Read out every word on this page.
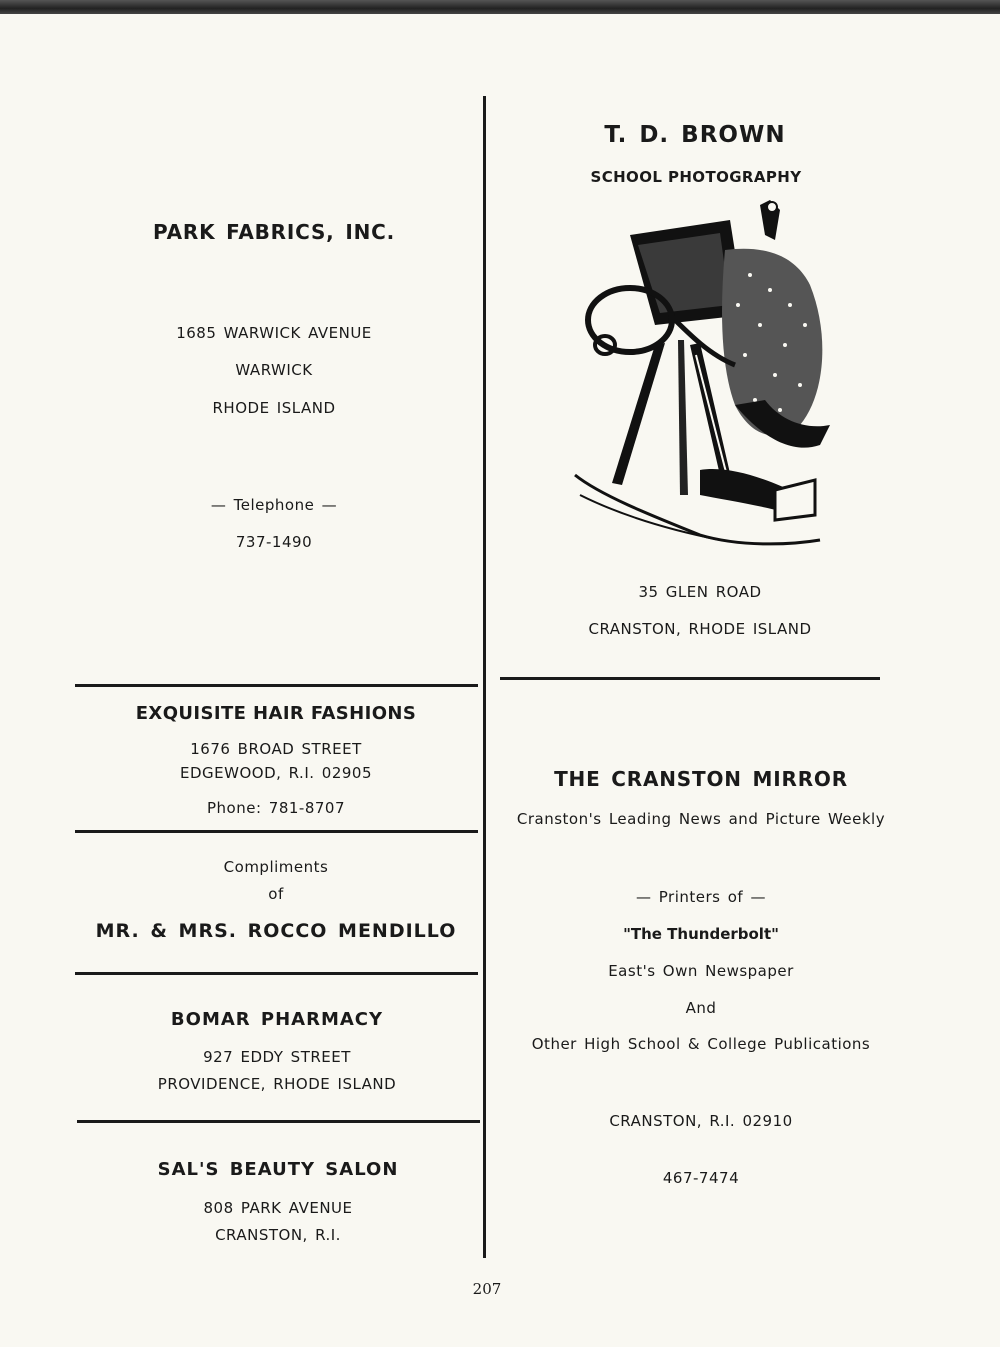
PARK FABRICS, INC.
1685 WARWICK AVENUE
WARWICK
RHODE ISLAND
— Telephone —
737-1490
EXQUISITE HAIR FASHIONS
1676 BROAD STREET
EDGEWOOD, R.I. 02905
Phone: 781-8707
Compliments
of
MR. & MRS. ROCCO MENDILLO
BOMAR PHARMACY
927 EDDY STREET
PROVIDENCE, RHODE ISLAND
SAL'S BEAUTY SALON
808 PARK AVENUE
CRANSTON, R.I.
T. D. BROWN
SCHOOL PHOTOGRAPHY
35 GLEN ROAD
CRANSTON, RHODE ISLAND
THE CRANSTON MIRROR
Cranston's Leading News and Picture Weekly
— Printers of —
"The Thunderbolt"
East's Own Newspaper
And
Other High School & College Publications
CRANSTON, R.I. 02910
467-7474
207
